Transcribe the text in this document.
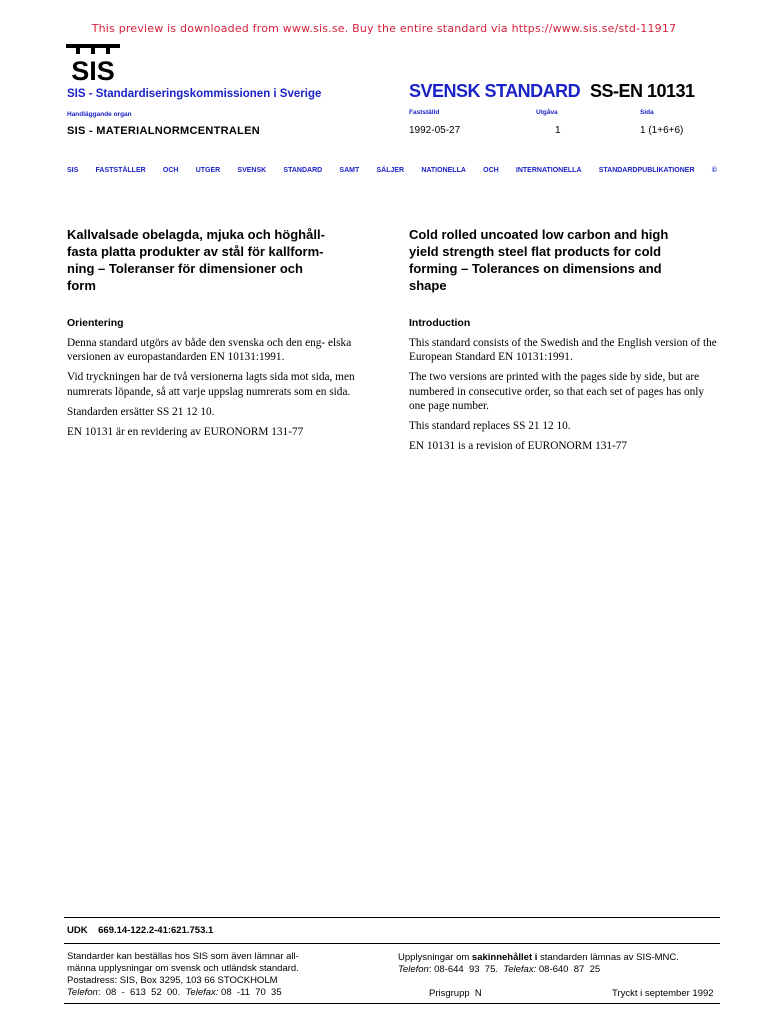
This preview is downloaded from www.sis.se. Buy the entire standard via https://www.sis.se/std-11917
SIS
SIS - Standardiseringskommissionen i Sverige	SVENSK STANDARD SS-EN 10131
Handläggande organ	Fastställd	Utgåva	Sida
SIS - MATERIALNORMCENTRALEN	1992-05-27	1	1 (1+6+6)
SIS FASTSTÄLLER OCH UTGER SVENSK STANDARD SAMT SÄLJER NATIONELLA OCH INTERNATIONELLA STANDARDPUBLIKATIONER ©
Kallvalsade obelagda, mjuka och höghåll-
fasta platta produkter av stål för kallform-
ning – Toleranser för dimensioner och
form
Orientering

Denna standard utgörs av både den svenska och den eng- elska versionen av europastandarden EN 10131:1991.

Vid tryckningen har de två versionerna lagts sida mot sida, men numrerats löpande, så att varje uppslag numrerats som en sida.

Standarden ersätter SS 21 12 10.

EN 10131 är en revidering av EURONORM 131-77

Cold rolled uncoated low carbon and high
yield strength steel flat products for cold
forming – Tolerances on dimensions and
shape
Introduction

This standard consists of the Swedish and the English version of the European Standard EN 10131:1991.

The two versions are printed with the pages side by side, but are numbered in consecutive order, so that each set of pages has only one page number.

This standard replaces SS 21 12 10.

EN 10131 is a revision of EURONORM 131-77

UDK    669.14-122.2-41:621.753.1
Standarder kan beställas hos SIS som även lämnar all-
männa upplysningar om svensk och utländsk standard.
Postadress: SIS, Box 3295, 103 66 STOCKHOLM
Telefon:  08  -  613  52  00. Telefax: 08  -11  70  35
Upplysningar om sakinnehållet i standarden lämnas av SIS-MNC.
Telefon: 08-644  93  75. Telefax: 08-640  87  25
Prisgrupp  N	Tryckt i september 1992
